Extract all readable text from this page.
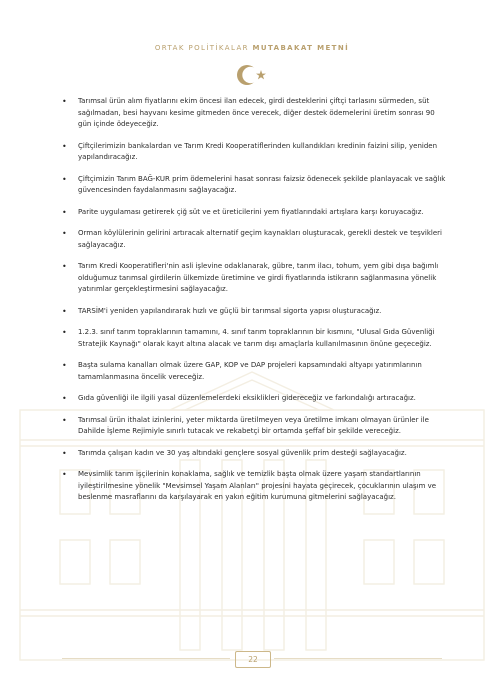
ORTAK POLİTİKALAR MUTABAKAT METNİ
• Tarımsal ürün alım fiyatlarını ekim öncesi ilan edecek, girdi desteklerini çiftçi tarlasını sürmeden, süt sağılmadan, besi hayvanı kesime gitmeden önce verecek, diğer destek ödemelerini üretim sonrası 90 gün içinde ödeyeceğiz.
• Çiftçilerimizin bankalardan ve Tarım Kredi Kooperatiflerinden kullandıkları kredinin faizini silip, yeniden yapılandıracağız.
• Çiftçimizin Tarım BAĞ-KUR prim ödemelerini hasat sonrası faizsiz ödenecek şekilde planlayacak ve sağlık güvencesinden faydalanmasını sağlayacağız.
• Parite uygulaması getirerek çiğ süt ve et üreticilerini yem fiyatlarındaki artışlara karşı koruyacağız.
• Orman köylülerinin gelirini artıracak alternatif geçim kaynakları oluşturacak, gerekli destek ve teşvikleri sağlayacağız.
• Tarım Kredi Kooperatifleri'nin asli işlevine odaklanarak, gübre, tarım ilacı, tohum, yem gibi dışa bağımlı olduğumuz tarımsal girdilerin ülkemizde üretimine ve girdi fiyatlarında istikrarın sağlanmasına yönelik yatırımlar gerçekleştirmesini sağlayacağız.
• TARSİM'i yeniden yapılandırarak hızlı ve güçlü bir tarımsal sigorta yapısı oluşturacağız.
• 1.2.3. sınıf tarım topraklarının tamamını, 4. sınıf tarım topraklarının bir kısmını, "Ulusal Gıda Güvenliği Stratejik Kaynağı" olarak kayıt altına alacak ve tarım dışı amaçlarla kullanılmasının önüne geçeceğiz.
• Başta sulama kanalları olmak üzere GAP, KOP ve DAP projeleri kapsamındaki altyapı yatırımlarının tamamlanmasına öncelik vereceğiz.
• Gıda güvenliği ile ilgili yasal düzenlemelerdeki eksiklikleri gidereceğiz ve farkındalığı artıracağız.
• Tarımsal ürün ithalat izinlerini, yeter miktarda üretilmeyen veya üretilme imkanı olmayan ürünler ile Dahilde İşleme Rejimiyle sınırlı tutacak ve rekabetçi bir ortamda şeffaf bir şekilde vereceğiz.
• Tarımda çalışan kadın ve 30 yaş altındaki gençlere sosyal güvenlik prim desteği sağlayacağız.
• Mevsimlik tarım işçilerinin konaklama, sağlık ve temizlik başta olmak üzere yaşam standartlarının iyileştirilmesine yönelik "Mevsimsel Yaşam Alanları" projesini hayata geçirecek, çocuklarının ulaşım ve beslenme masraflarını da karşılayarak en yakın eğitim kurumuna gitmelerini sağlayacağız.
22
